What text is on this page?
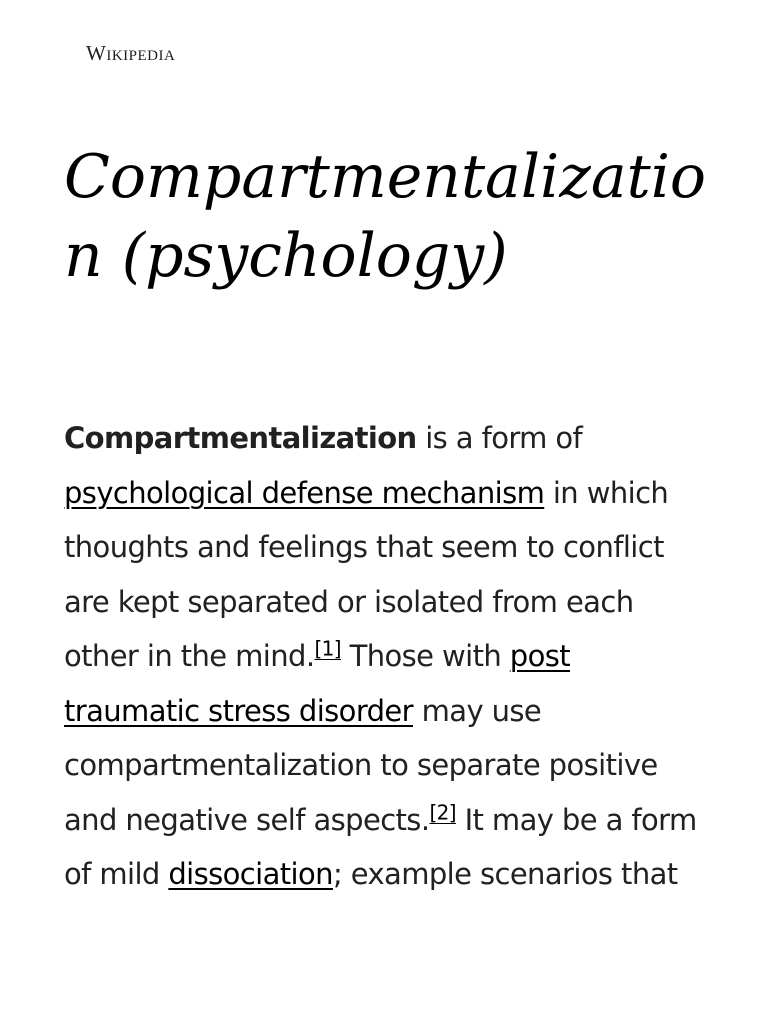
Wikipedia
Compartmentalization (psychology)

Compartmentalization is a form of psychological defense mechanism in which thoughts and feelings that seem to conflict are kept separated or isolated from each other in the mind.[1] Those with post traumatic stress disorder may use compartmentalization to separate positive and negative self aspects.[2] It may be a form of mild dissociation; example scenarios that
